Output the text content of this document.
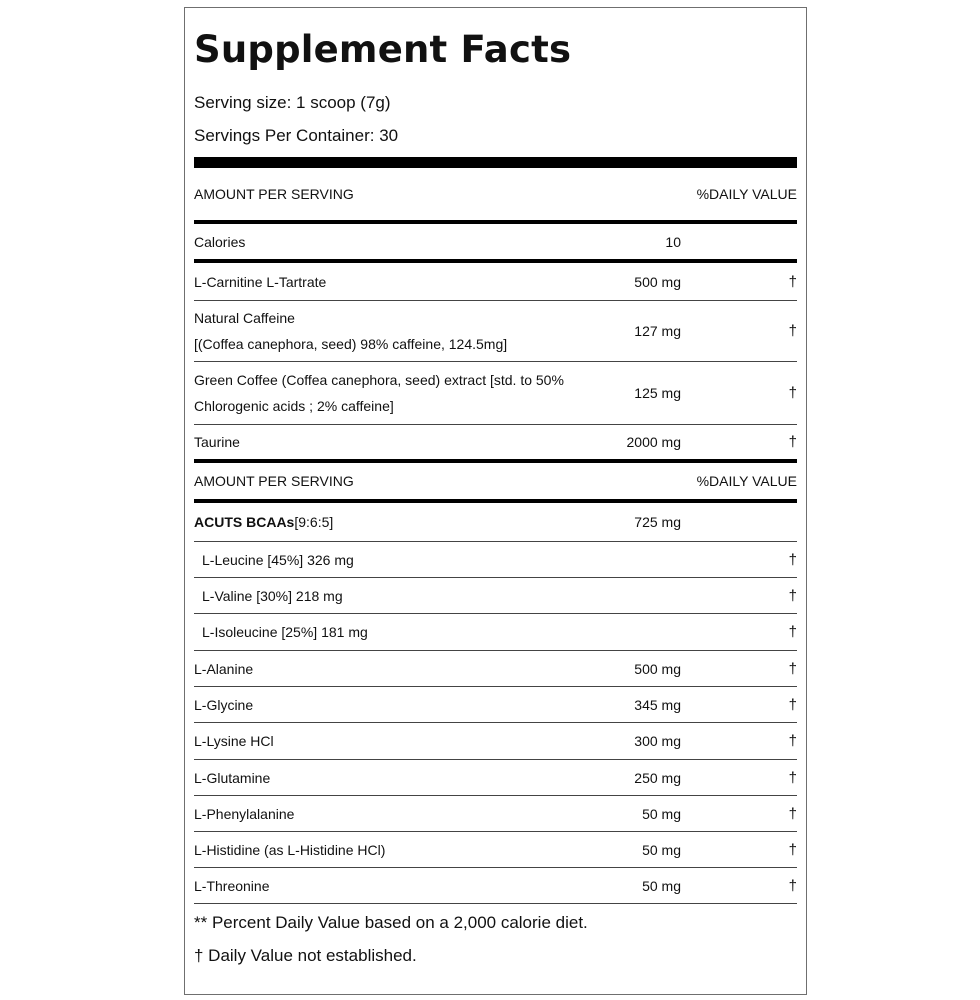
Supplement Facts
Serving size: 1 scoop (7g)
Servings Per Container: 30
AMOUNT PER SERVING	%DAILY VALUE
Calories	10
L-Carnitine L-Tartrate	500 mg	†
Natural Caffeine
[(Coffea canephora, seed) 98% caffeine, 124.5mg]
127 mg	†
Green Coffee (Coffea canephora, seed) extract [std. to 50%
Chlorogenic acids ; 2% caffeine]
125 mg	†
Taurine	2000 mg	†
AMOUNT PER SERVING	%DAILY VALUE
ACUTS BCAAs[9:6:5]	725 mg
L-Leucine [45%] 326 mg	†
L-Valine [30%] 218 mg	†
L-Isoleucine [25%] 181 mg	†
L-Alanine	500 mg	†
L-Glycine	345 mg	†
L-Lysine HCl	300 mg	†
L-Glutamine	250 mg	†
L-Phenylalanine	50 mg	†
L-Histidine (as L-Histidine HCl)	50 mg	†
L-Threonine	50 mg	†
** Percent Daily Value based on a 2,000 calorie diet.
† Daily Value not established.
